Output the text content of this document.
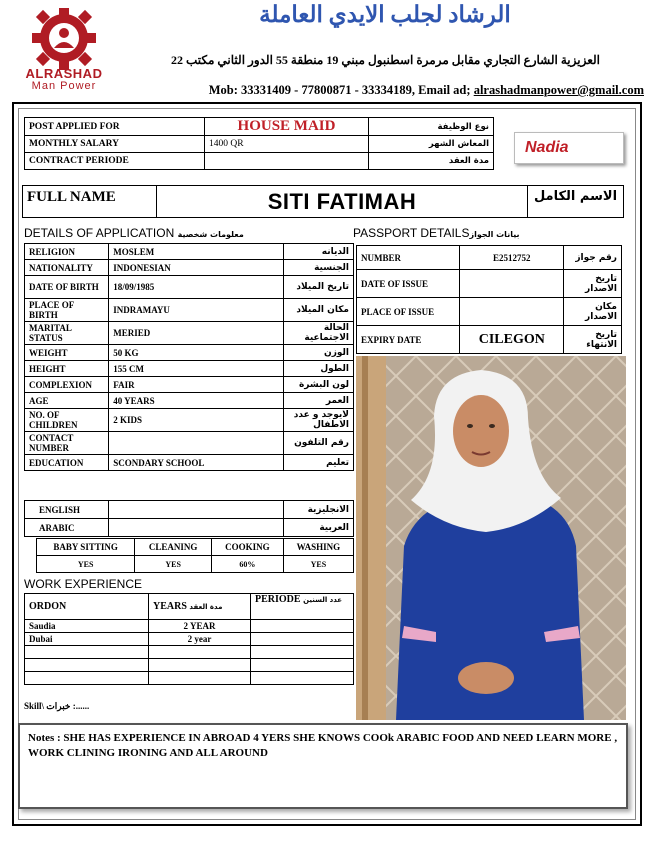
ALRASHAD
Man Power
الرشاد لجلب الايدي العاملة
العزيزية الشارع التجاري مقابل مرمرة اسطنبول مبني 19 منطقة 55 الدور الثاني مكتب 22
Mob: 33331409 - 77800871 - 33334189, Email ad; alrashadmanpower@gmail.com
POST APPLIED FOR	HOUSE MAID	نوع الوظيفة
MONTHLY SALARY	1400 QR	المعاش الشهر
CONTRACT PERIODE		مدة العقد
Nadia
FULL NAME	SITI FATIMAH	الاسم الكامل
DETAILS OF APPLICATION معلومات شخصية
RELIGION	MOSLEM	الديانه
NATIONALITY	INDONESIAN	الجنسية
DATE OF BIRTH	18/09/1985	تاريخ الميلاد
PLACE OF BIRTH	INDRAMAYU	مكان الميلاد
MARITAL STATUS	MERIED	الحالة الاجتماعية
WEIGHT	50 KG	الوزن
HEIGHT	155 CM	الطول
COMPLEXION	FAIR	لون البشرة
AGE	40 YEARS	العمر
NO. OF CHILDREN	2 KIDS	لايوجد و عدد الاطفال
CONTACT NUMBER		رقم التلفون
EDUCATION	SCONDARY SCHOOL	تعليم
ENGLISH		الانجليزية
ARABIC		العربية
BABY SITTING	CLEANING	COOKING	WASHING
YES	YES	60%	YES
PASSPORT DETAILSبيانات الجواز
NUMBER	E2512752	رقم جواز
DATE OF ISSUE		تاريخ الاصدار
PLACE OF ISSUE		مكان الاصدار
EXPIRY DATE	CILEGON	تاريخ الانتهاء
WORK EXPERIENCE
ORDON	YEARS مدة العقد	PERIODE عدد السنين
Saudia	2 YEAR	
Dubai	2 year	

Skill\ خبرات :......
Notes : SHE HAS EXPERIENCE IN ABROAD 4 YERS SHE KNOWS COOk ARABIC FOOD AND NEED LEARN MORE , WORK CLINING IRONING AND ALL AROUND
